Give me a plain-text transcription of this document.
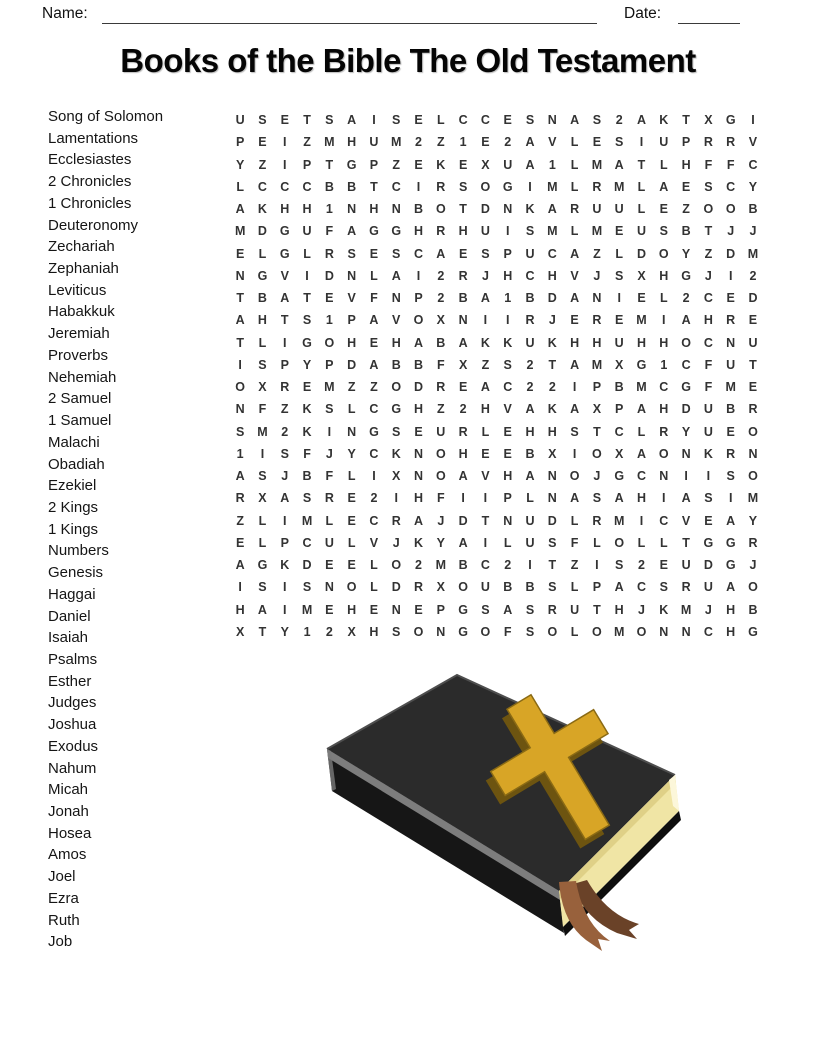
Name:	Date:
Books of the Bible The Old Testament
Song of Solomon
Lamentations
Ecclesiastes
2 Chronicles
1 Chronicles
Deuteronomy
Zechariah
Zephaniah
Leviticus
Habakkuk
Jeremiah
Proverbs
Nehemiah
2 Samuel
1 Samuel
Malachi
Obadiah
Ezekiel
2 Kings
1 Kings
Numbers
Genesis
Haggai
Daniel
Isaiah
Psalms
Esther
Judges
Joshua
Exodus
Nahum
Micah
Jonah
Hosea
Amos
Joel
Ezra
Ruth
Job
U	S	E	T	S	A	I	S	E	L	C	C	E	S	N	A	S	2	A	K	T	X	G	I
P	E	I	Z	M	H	U	M	2	Z	1	E	2	A	V	L	E	S	I	U	P	R	R	V
Y	Z	I	P	T	G	P	Z	E	K	E	X	U	A	1	L	M	A	T	L	H	F	F	C
L	C	C	C	B	B	T	C	I	R	S	O	G	I	M	L	R	M	L	A	E	S	C	Y
A	K	H	H	1	N	H	N	B	O	T	D	N	K	A	R	U	U	L	E	Z	O	O	B
M	D	G	U	F	A	G	G	H	R	H	U	I	S	M	L	M	E	U	S	B	T	J	J
E	L	G	L	R	S	E	S	C	A	E	S	P	U	C	A	Z	L	D	O	Y	Z	D	M
N	G	V	I	D	N	L	A	I	2	R	J	H	C	H	V	J	S	X	H	G	J	I	2
T	B	A	T	E	V	F	N	P	2	B	A	1	B	D	A	N	I	E	L	2	C	E	D
A	H	T	S	1	P	A	V	O	X	N	I	I	R	J	E	R	E	M	I	A	H	R	E
T	L	I	G	O	H	E	H	A	B	A	K	K	U	K	H	H	U	H	H	O	C	N	U
I	S	P	Y	P	D	A	B	B	F	X	Z	S	2	T	A	M	X	G	1	C	F	U	T
O	X	R	E	M	Z	Z	O	D	R	E	A	C	2	2	I	P	B	M	C	G	F	M	E
N	F	Z	K	S	L	C	G	H	Z	2	H	V	A	K	A	X	P	A	H	D	U	B	R
S	M	2	K	I	N	G	S	E	U	R	L	E	H	H	S	T	C	L	R	Y	U	E	O
1	I	S	F	J	Y	C	K	N	O	H	E	E	B	X	I	O	X	A	O	N	K	R	N
A	S	J	B	F	L	I	X	N	O	A	V	H	A	N	O	J	G	C	N	I	I	S	O
R	X	A	S	R	E	2	I	H	F	I	I	P	L	N	A	S	A	H	I	A	S	I	M
Z	L	I	M	L	E	C	R	A	J	D	T	N	U	D	L	R	M	I	C	V	E	A	Y
E	L	P	C	U	L	V	J	K	Y	A	I	L	U	S	F	L	O	L	L	T	G	G	R
A	G	K	D	E	E	L	O	2	M	B	C	2	I	T	Z	I	S	2	E	U	D	G	J
I	S	I	S	N	O	L	D	R	X	O	U	B	B	S	L	P	A	C	S	R	U	A	O
H	A	I	M	E	H	E	N	E	P	G	S	A	S	R	U	T	H	J	K	M	J	H	B
X	T	Y	1	2	X	H	S	O	N	G	O	F	S	O	L	O M O	N	N	C	H	G
